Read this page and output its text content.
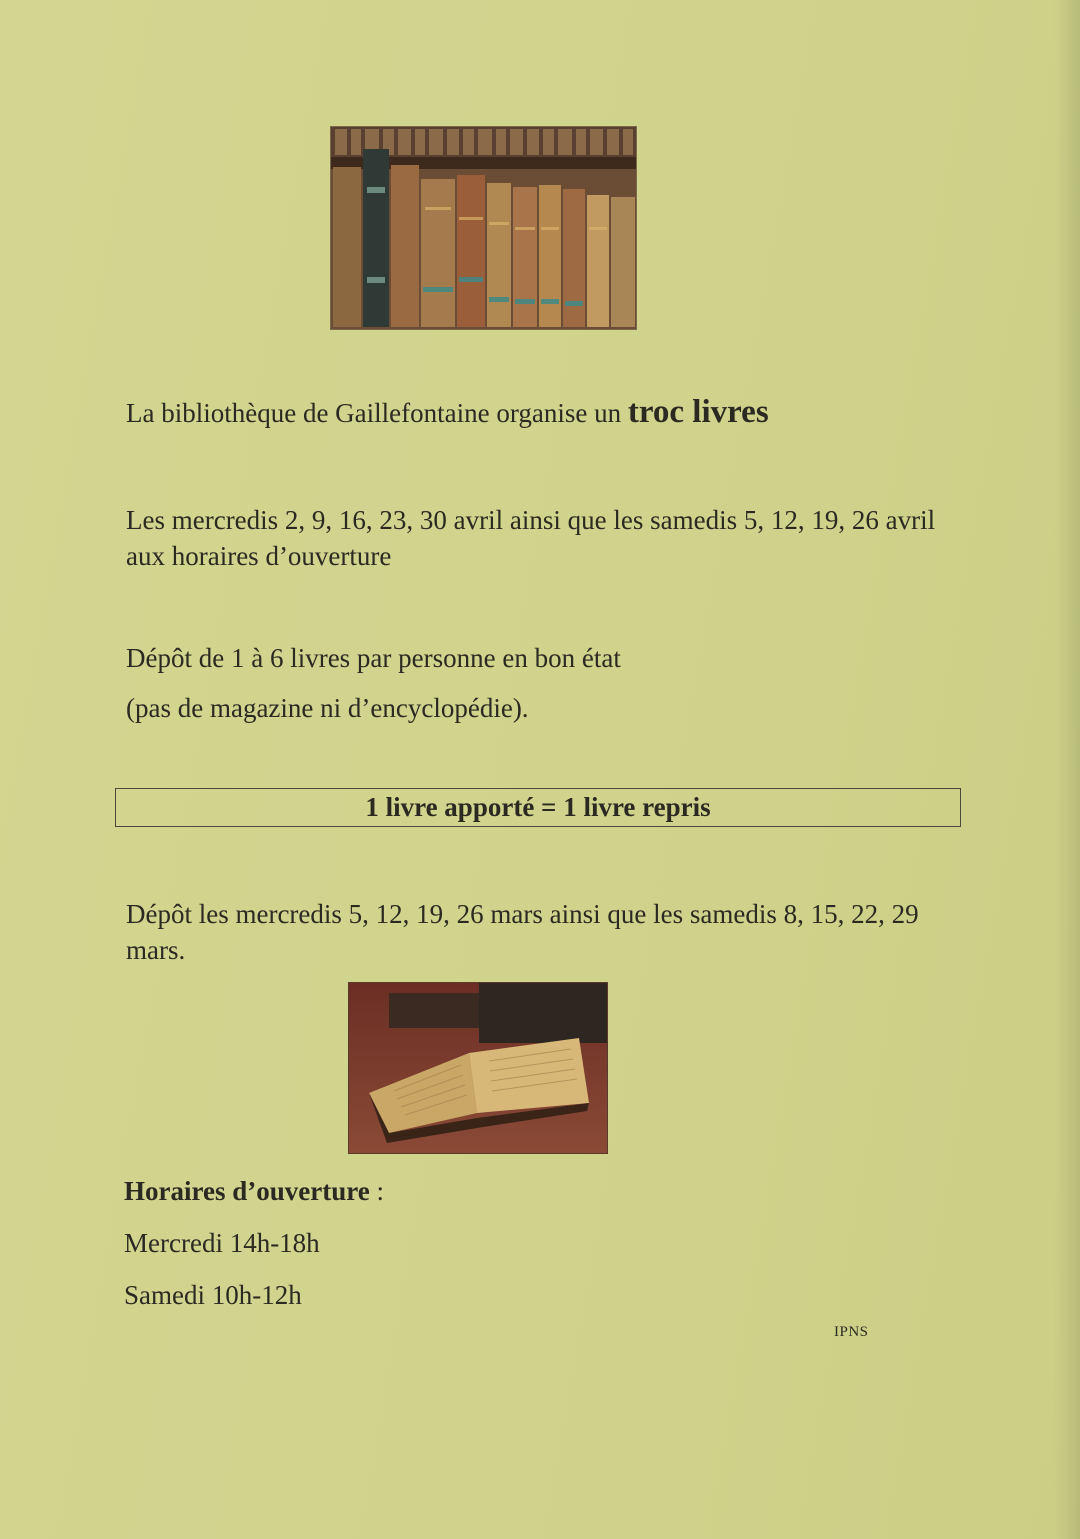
La bibliothèque de Gaillefontaine organise un troc livres
Les mercredis 2, 9, 16, 23, 30 avril ainsi que les samedis 5, 12, 19, 26 avril aux horaires d’ouverture
Dépôt de 1 à 6 livres par personne en bon état
(pas de magazine ni d’encyclopédie).
1 livre apporté = 1 livre repris
Dépôt les mercredis 5, 12, 19, 26 mars ainsi que les samedis 8, 15, 22, 29 mars.
Horaires d’ouverture :
Mercredi 14h-18h
Samedi 10h-12h
IPNS
